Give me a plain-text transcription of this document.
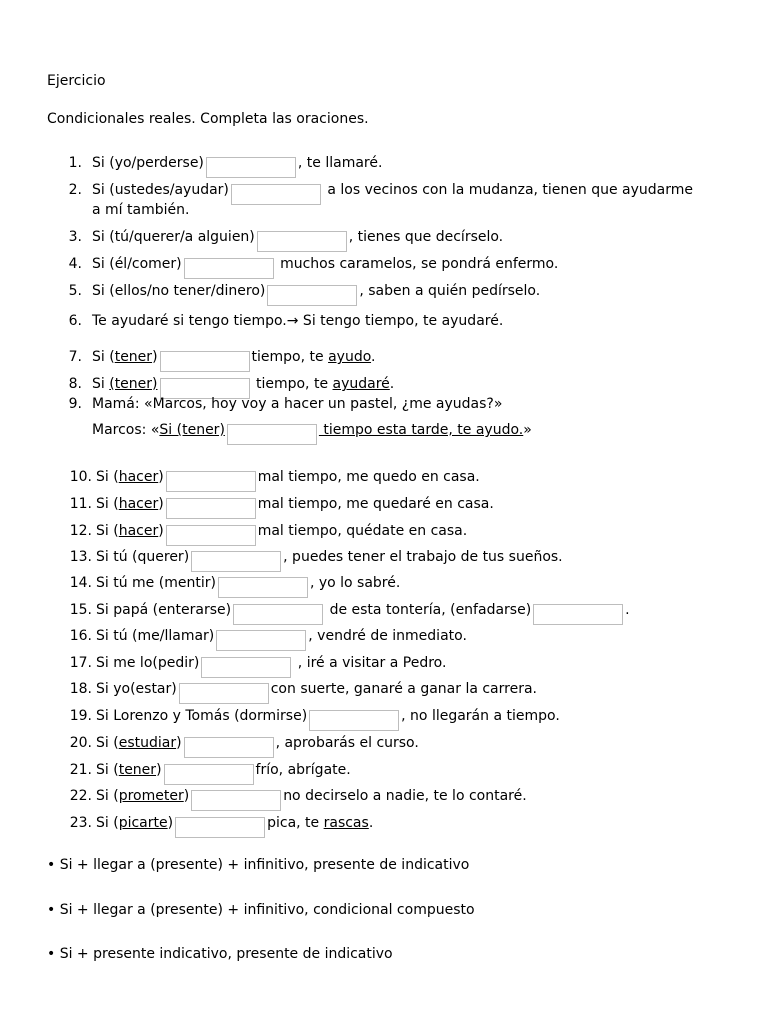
Ejercicio
Condicionales reales. Completa las oraciones.
1. Si (yo/perderse)	, te llamaré.
2. Si (ustedes/ayudar)	a los vecinos con la mudanza, tienen que ayudarme
a mí también.
3. Si (tú/querer/a alguien)	, tienes que decírselo.
4. Si (él/comer)	muchos caramelos, se pondrá enfermo.
5. Si (ellos/no tener/dinero)	, saben a quién pedírselo.
6. Te ayudaré si tengo tiempo.→ Si tengo tiempo, te ayudaré.
7. Si (tener)	tiempo, te ayudo.
8. Si (tener)	tiempo, te ayudaré.
9. Mamá: «Marcos, hoy voy a hacer un pastel, ¿me ayudas?»
Marcos: «Si (tener)	tiempo esta tarde, te ayudo.»
10. Si (hacer)	mal tiempo, me quedo en casa.
11. Si (hacer)	mal tiempo, me quedaré en casa.
12. Si (hacer)	mal tiempo, quédate en casa.
13. Si tú (querer)	, puedes tener el trabajo de tus sueños.
14. Si tú me (mentir)	, yo lo sabré.
15. Si papá (enterarse)	de esta tontería, (enfadarse)	.
16. Si tú (me/llamar)	, vendré de inmediato.
17. Si me lo(pedir)	, iré a visitar a Pedro.
18. Si yo(estar)	con suerte, ganaré a ganar la carrera.
19. Si Lorenzo y Tomás (dormirse)	, no llegarán a tiempo.
20. Si (estudiar)	, aprobarás el curso.
21. Si (tener)	frío, abrígate.
22. Si (prometer)	no decirselo a nadie, te lo contaré.
23. Si (picarte)	pica, te rascas.
• Si + llegar a (presente) + infinitivo, presente de indicativo
• Si + llegar a (presente) + infinitivo, condicional compuesto
• Si + presente indicativo, presente de indicativo
